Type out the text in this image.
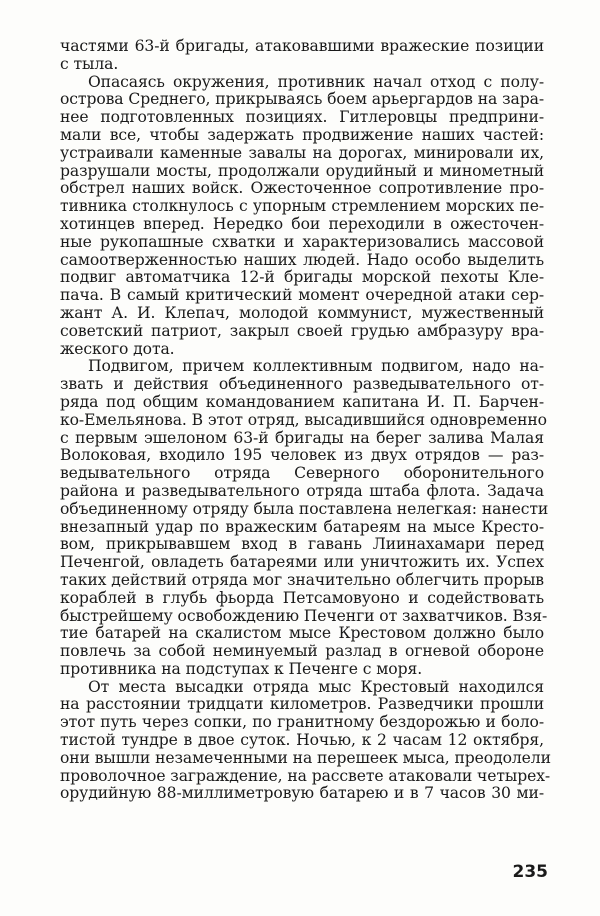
частями 63-й бригады, атаковавшими вражеские позиции
с тыла.
Опасаясь окружения, противник начал отход с полу-
острова Среднего, прикрываясь боем арьергардов на зара-
нее подготовленных позициях. Гитлеровцы предприни-
мали все, чтобы задержать продвижение наших частей:
устраивали каменные завалы на дорогах, минировали их,
разрушали мосты, продолжали орудийный и минометный
обстрел наших войск. Ожесточенное сопротивление про-
тивника столкнулось с упорным стремлением морских пе-
хотинцев вперед. Нередко бои переходили в ожесточен-
ные рукопашные схватки и характеризовались массовой
самоотверженностью наших людей. Надо особо выделить
подвиг автоматчика 12-й бригады морской пехоты Кле-
пача. В самый критический момент очередной атаки сер-
жант А. И. Клепач, молодой коммунист, мужественный
советский патриот, закрыл своей грудью амбразуру вра-
жеского дота.
Подвигом, причем коллективным подвигом, надо на-
звать и действия объединенного разведывательного от-
ряда под общим командованием капитана И. П. Барчен-
ко-Емельянова. В этот отряд, высадившийся одновременно
с первым эшелоном 63-й бригады на берег залива Малая
Волоковая, входило 195 человек из двух отрядов — раз-
ведывательного отряда Северного оборонительного
района и разведывательного отряда штаба флота. Задача
объединенному отряду была поставлена нелегкая: нанести
внезапный удар по вражеским батареям на мысе Кресто-
вом, прикрывавшем вход в гавань Лиинахамари перед
Печенгой, овладеть батареями или уничтожить их. Успех
таких действий отряда мог значительно облегчить прорыв
кораблей в глубь фьорда Петсамовуоно и содействовать
быстрейшему освобождению Печенги от захватчиков. Взя-
тие батарей на скалистом мысе Крестовом должно было
повлечь за собой неминуемый разлад в огневой обороне
противника на подступах к Печенге с моря.
От места высадки отряда мыс Крестовый находился
на расстоянии тридцати километров. Разведчики прошли
этот путь через сопки, по гранитному бездорожью и боло-
тистой тундре в двое суток. Ночью, к 2 часам 12 октября,
они вышли незамеченными на перешеек мыса, преодолели
проволочное заграждение, на рассвете атаковали четырех-
орудийную 88-миллиметровую батарею и в 7 часов 30 ми-
235
